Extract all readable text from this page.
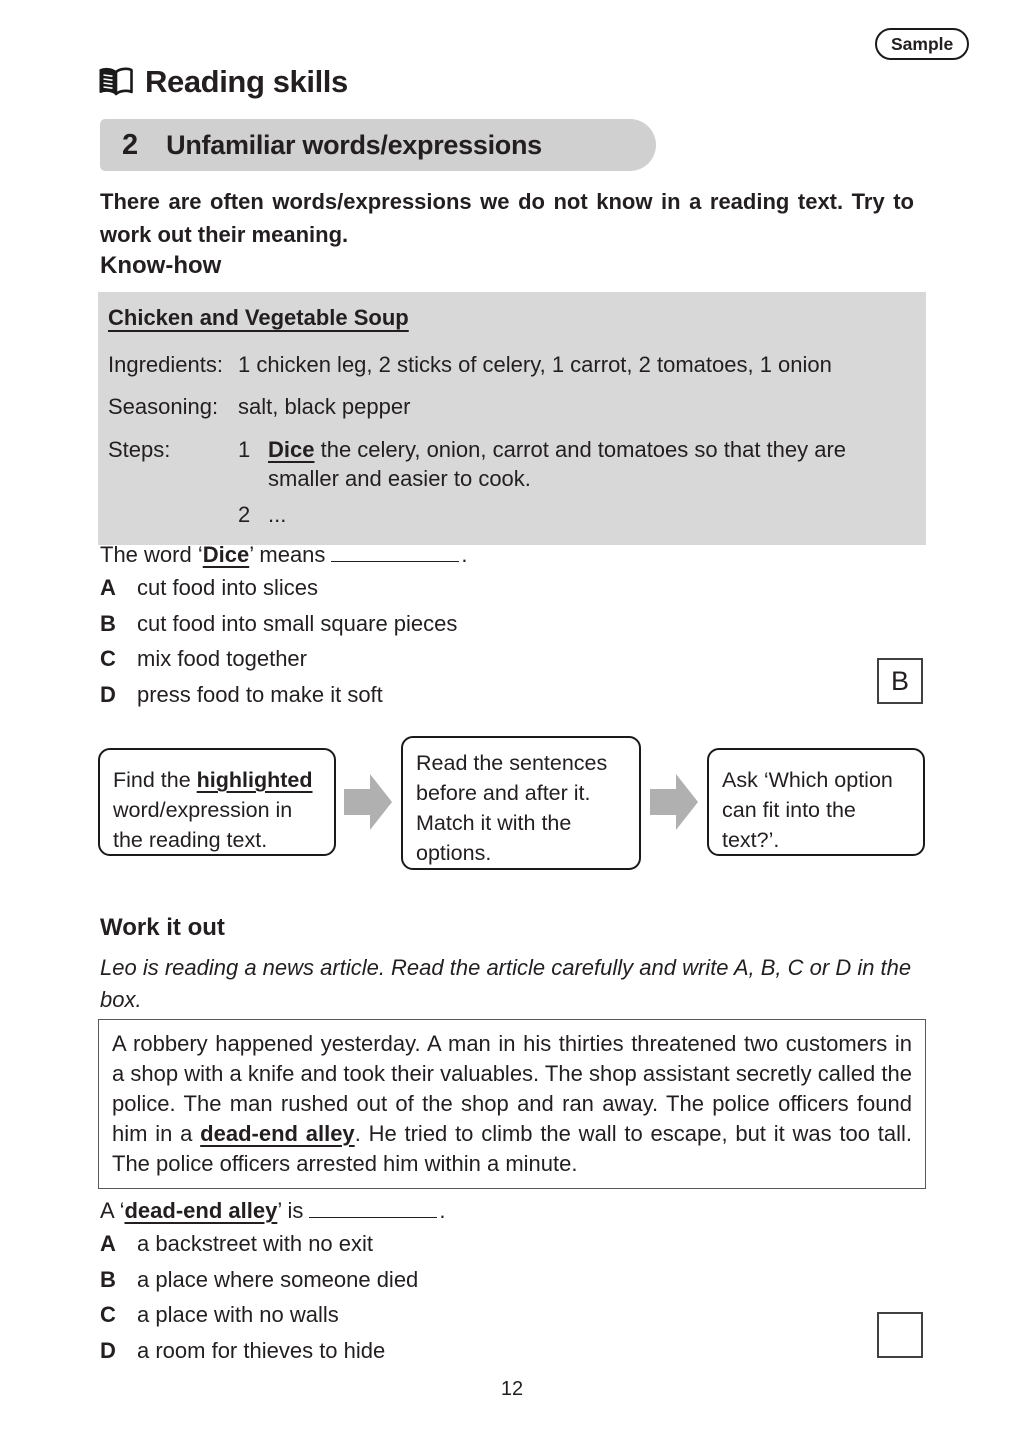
Sample
Reading skills
2 Unfamiliar words/expressions
There are often words/expressions we do not know in a reading text. Try to work out their meaning.
Know-how
Chicken and Vegetable Soup
Ingredients: 1 chicken leg, 2 sticks of celery, 1 carrot, 2 tomatoes, 1 onion
Seasoning: salt, black pepper
Steps:	1 Dice the celery, onion, carrot and tomatoes so that they are smaller and easier to cook.
2 ...
The word ‘Dice’ means	.
A cut food into slices
B cut food into small square pieces
C mix food together
D press food to make it soft	B
Find the highlighted word/expression in the reading text.
Read the sentences before and after it. Match it with the options.
Ask ‘Which option can fit into the text?’.
Work it out
Leo is reading a news article. Read the article carefully and write A, B, C or D in the box.
A robbery happened yesterday. A man in his thirties threatened two customers in a shop with a knife and took their valuables. The shop assistant secretly called the police. The man rushed out of the shop and ran away. The police officers found him in a dead-end alley. He tried to climb the wall to escape, but it was too tall. The police officers arrested him within a minute.
A ‘dead-end alley’ is	.
A a backstreet with no exit
B a place where someone died
C a place with no walls
D a room for thieves to hide
12
